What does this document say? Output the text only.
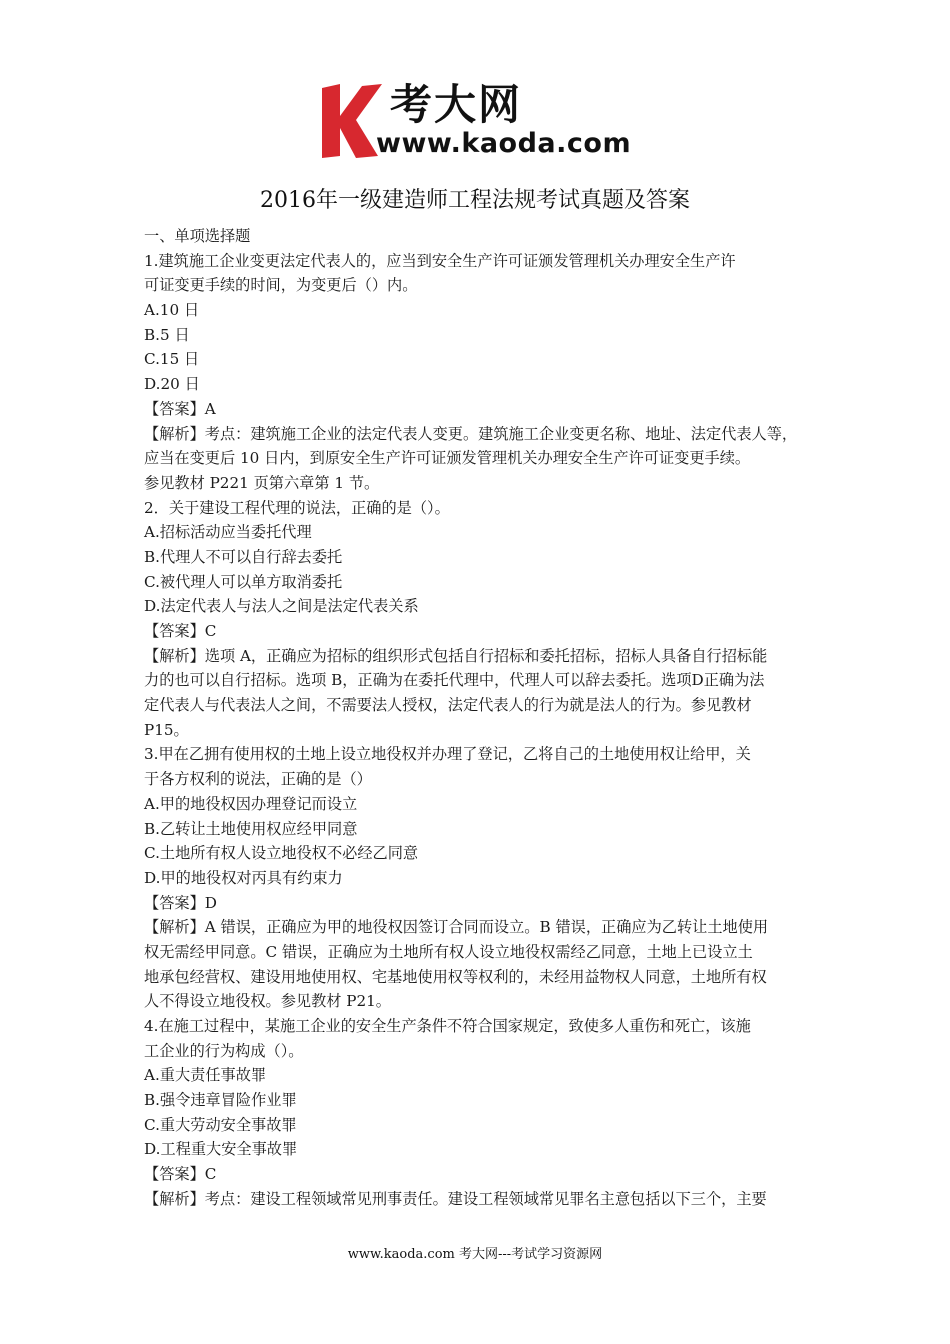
考大网
www.kaoda.com
2016年一级建造师工程法规考试真题及答案
一、单项选择题
1.建筑施工企业变更法定代表人的，应当到安全生产许可证颁发管理机关办理安全生产许
可证变更手续的时间，为变更后（）内。
A.10 日
B.5 日
C.15 日
D.20 日
【答案】A
【解析】考点：建筑施工企业的法定代表人变更。建筑施工企业变更名称、地址、法定代表人等，
应当在变更后 10 日内，到原安全生产许可证颁发管理机关办理安全生产许可证变更手续。
参见教材 P221 页第六章第 1 节。
2．关于建设工程代理的说法，正确的是（）。
A.招标活动应当委托代理
B.代理人不可以自行辞去委托
C.被代理人可以单方取消委托
D.法定代表人与法人之间是法定代表关系
【答案】C
【解析】选项 A，正确应为招标的组织形式包括自行招标和委托招标，招标人具备自行招标能
力的也可以自行招标。选项 B，正确为在委托代理中，代理人可以辞去委托。选项D正确为法
定代表人与代表法人之间，不需要法人授权，法定代表人的行为就是法人的行为。参见教材
P15。
3.甲在乙拥有使用权的土地上设立地役权并办理了登记，乙将自己的土地使用权让给甲，关
于各方权利的说法，正确的是（）
A.甲的地役权因办理登记而设立
B.乙转让土地使用权应经甲同意
C.土地所有权人设立地役权不必经乙同意
D.甲的地役权对丙具有约束力
【答案】D
【解析】A 错误，正确应为甲的地役权因签订合同而设立。B 错误，正确应为乙转让土地使用
权无需经甲同意。C 错误，正确应为土地所有权人设立地役权需经乙同意，土地上已设立土
地承包经营权、建设用地使用权、宅基地使用权等权利的，未经用益物权人同意，土地所有权
人不得设立地役权。参见教材 P21。
4.在施工过程中，某施工企业的安全生产条件不符合国家规定，致使多人重伤和死亡，该施
工企业的行为构成（）。
A.重大责任事故罪
B.强令违章冒险作业罪
C.重大劳动安全事故罪
D.工程重大安全事故罪
【答案】C
【解析】考点：建设工程领域常见刑事责任。建设工程领域常见罪名主意包括以下三个，主要
www.kaoda.com 考大网---考试学习资源网
